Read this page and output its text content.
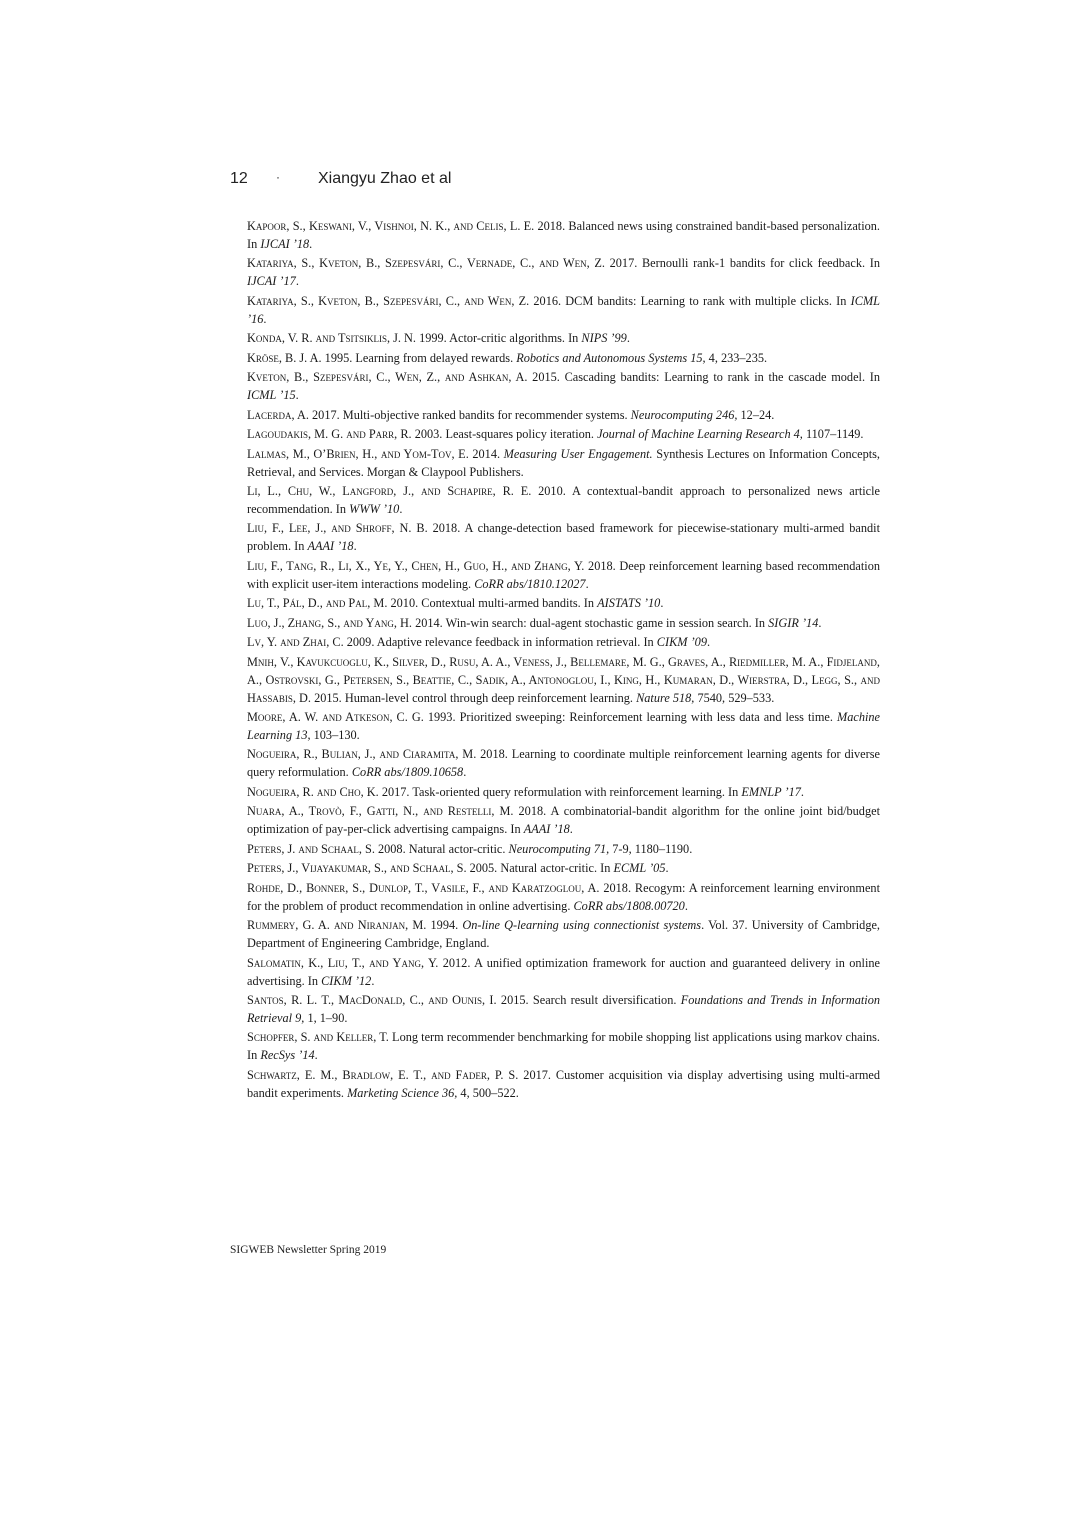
12 · Xiangyu Zhao et al

Kapoor, S., Keswani, V., Vishnoi, N. K., and Celis, L. E. 2018. Balanced news using constrained bandit-based personalization. In IJCAI ’18.

Katariya, S., Kveton, B., Szepesvári, C., Vernade, C., and Wen, Z. 2017. Bernoulli rank-1 bandits for click feedback. In IJCAI ’17.

Katariya, S., Kveton, B., Szepesvári, C., and Wen, Z. 2016. DCM bandits: Learning to rank with multiple clicks. In ICML ’16.

Konda, V. R. and Tsitsiklis, J. N. 1999. Actor-critic algorithms. In NIPS ’99.

Kröse, B. J. A. 1995. Learning from delayed rewards. Robotics and Autonomous Systems 15, 4, 233–235.

Kveton, B., Szepesvári, C., Wen, Z., and Ashkan, A. 2015. Cascading bandits: Learning to rank in the cascade model. In ICML ’15.

Lacerda, A. 2017. Multi-objective ranked bandits for recommender systems. Neurocomputing 246, 12–24.

Lagoudakis, M. G. and Parr, R. 2003. Least-squares policy iteration. Journal of Machine Learning Research 4, 1107–1149.

Lalmas, M., O’Brien, H., and Yom-Tov, E. 2014. Measuring User Engagement. Synthesis Lectures on Information Concepts, Retrieval, and Services. Morgan & Claypool Publishers.

Li, L., Chu, W., Langford, J., and Schapire, R. E. 2010. A contextual-bandit approach to personalized news article recommendation. In WWW ’10.

Liu, F., Lee, J., and Shroff, N. B. 2018. A change-detection based framework for piecewise-stationary multi-armed bandit problem. In AAAI ’18.

Liu, F., Tang, R., Li, X., Ye, Y., Chen, H., Guo, H., and Zhang, Y. 2018. Deep reinforcement learning based recommendation with explicit user-item interactions modeling. CoRR abs/1810.12027.

Lu, T., Pál, D., and Pal, M. 2010. Contextual multi-armed bandits. In AISTATS ’10.

Luo, J., Zhang, S., and Yang, H. 2014. Win-win search: dual-agent stochastic game in session search. In SIGIR ’14.

Lv, Y. and Zhai, C. 2009. Adaptive relevance feedback in information retrieval. In CIKM ’09.

Mnih, V., Kavukcuoglu, K., Silver, D., Rusu, A. A., Veness, J., Bellemare, M. G., Graves, A., Riedmiller, M. A., Fidjeland, A., Ostrovski, G., Petersen, S., Beattie, C., Sadik, A., Antonoglou, I., King, H., Kumaran, D., Wierstra, D., Legg, S., and Hassabis, D. 2015. Human-level control through deep reinforcement learning. Nature 518, 7540, 529–533.

Moore, A. W. and Atkeson, C. G. 1993. Prioritized sweeping: Reinforcement learning with less data and less time. Machine Learning 13, 103–130.

Nogueira, R., Bulian, J., and Ciaramita, M. 2018. Learning to coordinate multiple reinforcement learning agents for diverse query reformulation. CoRR abs/1809.10658.

Nogueira, R. and Cho, K. 2017. Task-oriented query reformulation with reinforcement learning. In EMNLP ’17.

Nuara, A., Trovò, F., Gatti, N., and Restelli, M. 2018. A combinatorial-bandit algorithm for the online joint bid/budget optimization of pay-per-click advertising campaigns. In AAAI ’18.

Peters, J. and Schaal, S. 2008. Natural actor-critic. Neurocomputing 71, 7-9, 1180–1190.

Peters, J., Vijayakumar, S., and Schaal, S. 2005. Natural actor-critic. In ECML ’05.

Rohde, D., Bonner, S., Dunlop, T., Vasile, F., and Karatzoglou, A. 2018. Recogym: A reinforcement learning environment for the problem of product recommendation in online advertising. CoRR abs/1808.00720.

Rummery, G. A. and Niranjan, M. 1994. On-line Q-learning using connectionist systems. Vol. 37. University of Cambridge, Department of Engineering Cambridge, England.

Salomatin, K., Liu, T., and Yang, Y. 2012. A unified optimization framework for auction and guaranteed delivery in online advertising. In CIKM ’12.

Santos, R. L. T., MacDonald, C., and Ounis, I. 2015. Search result diversification. Foundations and Trends in Information Retrieval 9, 1, 1–90.

Schopfer, S. and Keller, T. Long term recommender benchmarking for mobile shopping list applications using markov chains. In RecSys ’14.

Schwartz, E. M., Bradlow, E. T., and Fader, P. S. 2017. Customer acquisition via display advertising using multi-armed bandit experiments. Marketing Science 36, 4, 500–522.

SIGWEB Newsletter Spring 2019
